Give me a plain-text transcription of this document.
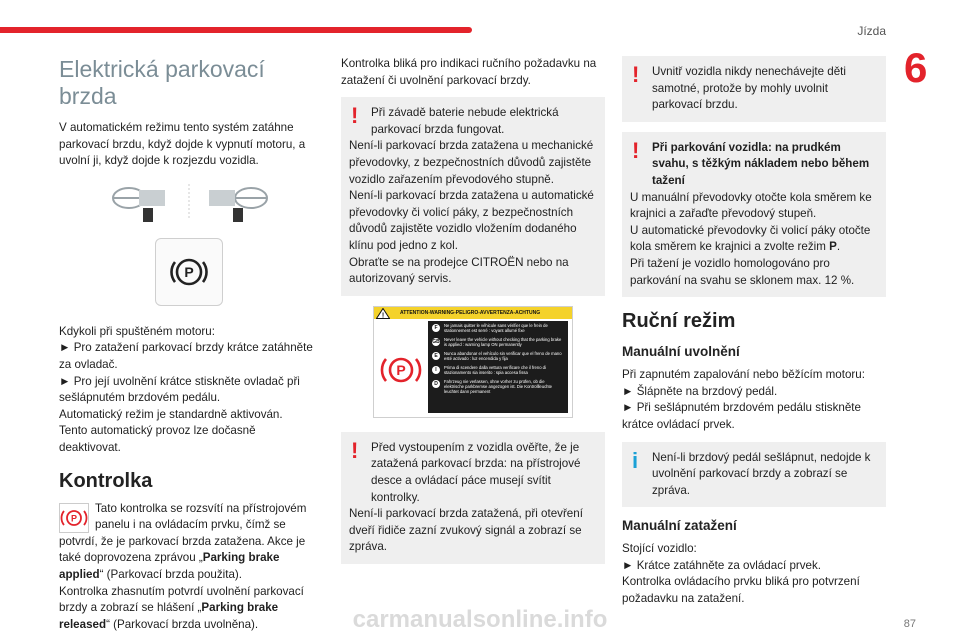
Jízda
6
Elektrická parkovací
brzda

V automatickém režimu tento systém zatáhne parkovací brzdu, když dojde k vypnutí motoru, a uvolní ji, když dojde k rozjezdu vozidla.

P

Kdykoli při spuštěném motoru:

► Pro zatažení parkovací brzdy krátce zatáhněte za ovladač.

► Pro její uvolnění krátce stiskněte ovladač při sešlápnutém brzdovém pedálu.

Automatický režim je standardně aktivován.

Tento automatický provoz lze dočasně deaktivovat.

Kontrolka
P

Tato kontrolka se rozsvítí na přístrojovém panelu i na ovládacím prvku, čímž se potvrdí, že je parkovací brzda zatažena. Akce je také doprovozena zprávou „Parking brake applied“ (Parkovací brzda použita).

Kontrolka zhasnutím potvrdí uvolnění parkovací brzdy a zobrazí se hlášení „Parking brake released“ (Parkovací brzda uvolněna).

Kontrolka bliká pro indikaci ručního požadavku na zatažení či uvolnění parkovací brzdy.

!	Při závadě baterie nebude elektrická parkovací brzda fungovat.

Není-li parkovací brzda zatažena u mechanické převodovky, z bezpečnostních důvodů zajistěte vozidlo zařazením převodového stupně.

Není-li parkovací brzda zatažena u automatické převodovky či volicí páky, z bezpečnostních důvodů zajistěte vozidlo vložením dodaného klínu pod jedno z kol.

Obraťte se na prodejce CITROËN nebo na autorizovaný servis.

ATTENTION-WARNING-PELIGRO-AVVERTENZA-ACHTUNG
!
P
F	Ne jamais quitter le véhicule sans vérifier que le frein de stationnement est serré : voyant allumé fixe
GB Never leave the vehicle without checking that the parking brake is applied : warning lamp ON permanently
E	Nunca abandonar el vehículo sin verificar que el freno de mano esté activado : luz encendida y fija
I	Prima di scendere dalla vettura verificare che il freno di stazionamento sia inserito : spia accesa fissa
D	Fahrzeug nie verlassen, ohne vorher zu prüfen, ob die elektrische parkbremse angezogen ist. Die Kontrollleuchte leuchtet dann permanent
!	Před vystoupením z vozidla ověřte, že je zatažená parkovací brzda: na přístrojové desce a ovládací páce musejí svítit kontrolky.

Není-li parkovací brzda zatažená, při otevření dveří řidiče zazní zvukový signál a zobrazí se zpráva.

!	Uvnitř vozidla nikdy nenechávejte děti samotné, protože by mohly uvolnit parkovací brzdu.

!	Při parkování vozidla: na prudkém svahu, s těžkým nákladem nebo během tažení

U manuální převodovky otočte kola směrem ke krajnici a zařaďte převodový stupeň.

U automatické převodovky či volicí páky otočte kola směrem ke krajnici a zvolte režim P.

Při tažení je vozidlo homologováno pro parkování na svahu se sklonem max. 12 %.

Ruční režim
Manuální uvolnění

Při zapnutém zapalování nebo běžícím motoru:

► Šlápněte na brzdový pedál.

► Při sešlápnutém brzdovém pedálu stiskněte krátce ovládací prvek.

i	Není-li brzdový pedál sešlápnut, nedojde k uvolnění parkovací brzdy a zobrazí se zpráva.

Manuální zatažení

Stojící vozidlo:

► Krátce zatáhněte za ovládací prvek.

Kontrolka ovládacího prvku bliká pro potvrzení požadavku na zatažení.

87
carmanualsonline.info
